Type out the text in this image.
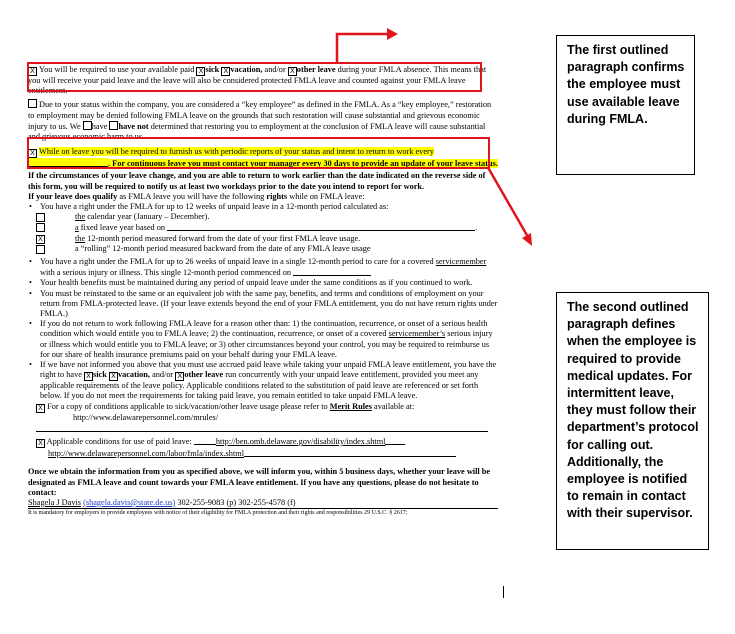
X You will be required to use your available paid X sick X vacation, and/or X other leave during your FMLA absence. This means that you will receive your paid leave and the leave will also be considered protected FMLA leave and counted against your FMLA leave entitlement.
Due to your status within the company, you are considered a “key employee” as defined in the FMLA. As a “key employee,” restoration to employment may be denied following FMLA leave on the grounds that such restoration will cause substantial and grievous economic injury to us. We have have not determined that restoring you to employment at the conclusion of FMLA leave will cause substantial and grievous economic harm to us.
X While on leave you will be required to furnish us with periodic reports of your status and intent to return to work every . For continuous leave you must contact your manager every 30 days to provide an update of your leave status.
If the circumstances of your leave change, and you are able to return to work earlier than the date indicated on the reverse side of this form, you will be required to notify us at least two workdays prior to the date you intend to report for work.
If your leave does qualify as FMLA leave you will have the following rights while on FMLA leave:
• You have a right under the FMLA for up to 12 weeks of unpaid leave in a 12-month period calculated as:
the calendar year (January – December).
a fixed leave year based on	.
X	the 12-month period measured forward from the date of your first FMLA leave usage.
a “rolling” 12-month period measured backward from the date of any FMLA leave usage
• You have a right under the FMLA for up to 26 weeks of unpaid leave in a single 12-month period to care for a covered servicemember with a serious injury or illness. This single 12-month period commenced on
• Your health benefits must be maintained during any period of unpaid leave under the same conditions as if you continued to work.
• You must be reinstated to the same or an equivalent job with the same pay, benefits, and terms and conditions of employment on your return from FMLA-protected leave. (If your leave extends beyond the end of your FMLA entitlement, you do not have return rights under FMLA.)
• If you do not return to work following FMLA leave for a reason other than: 1) the continuation, recurrence, or onset of a serious health condition which would entitle you to FMLA leave; 2) the continuation, recurrence, or onset of a covered servicemember’s serious injury or illness which would entitle you to FMLA leave; or 3) other circumstances beyond your control, you may be required to reimburse us for our share of health insurance premiums paid on your behalf during your FMLA leave.
• If we have not informed you above that you must use accrued paid leave while taking your unpaid FMLA leave entitlement, you have the right to have X sick X vacation, and/or X other leave run concurrently with your unpaid leave entitlement, provided you meet any applicable requirements of the leave policy. Applicable conditions related to the substitution of paid leave are referenced or set forth below. If you do not meet the requirements for taking paid leave, you remain entitled to take unpaid FMLA leave.
X For a copy of conditions applicable to sick/vacation/other leave usage please refer to Merit Rules available at:
http://www.delawarepersonnel.com/mrules/
X Applicable conditions for use of paid leave:	http://ben.omb.delaware.gov/disability/index.shtml
http://www.delawarepersonnel.com/labor/fmla/index.shtml
Once we obtain the information from you as specified above, we will inform you, within 5 business days, whether your leave will be designated as FMLA leave and count towards your FMLA leave entitlement. If you have any questions, please do not hesitate to contact:
Shagela J Davis (shagela.davis@state.de.us) 302-255-9083 (p) 302-255-4578 (f)
It is mandatory for employers to provide employees with notice of their eligibility for FMLA protection and their rights and responsibilities 29 U.S.C. § 2617;
The first outlined paragraph confirms the employee must use available leave during FMLA.
The second outlined paragraph defines when the employee is required to provide medical updates. For intermittent leave, they must follow their department’s protocol for calling out. Additionally, the employee is notified to remain in contact with their supervisor.
